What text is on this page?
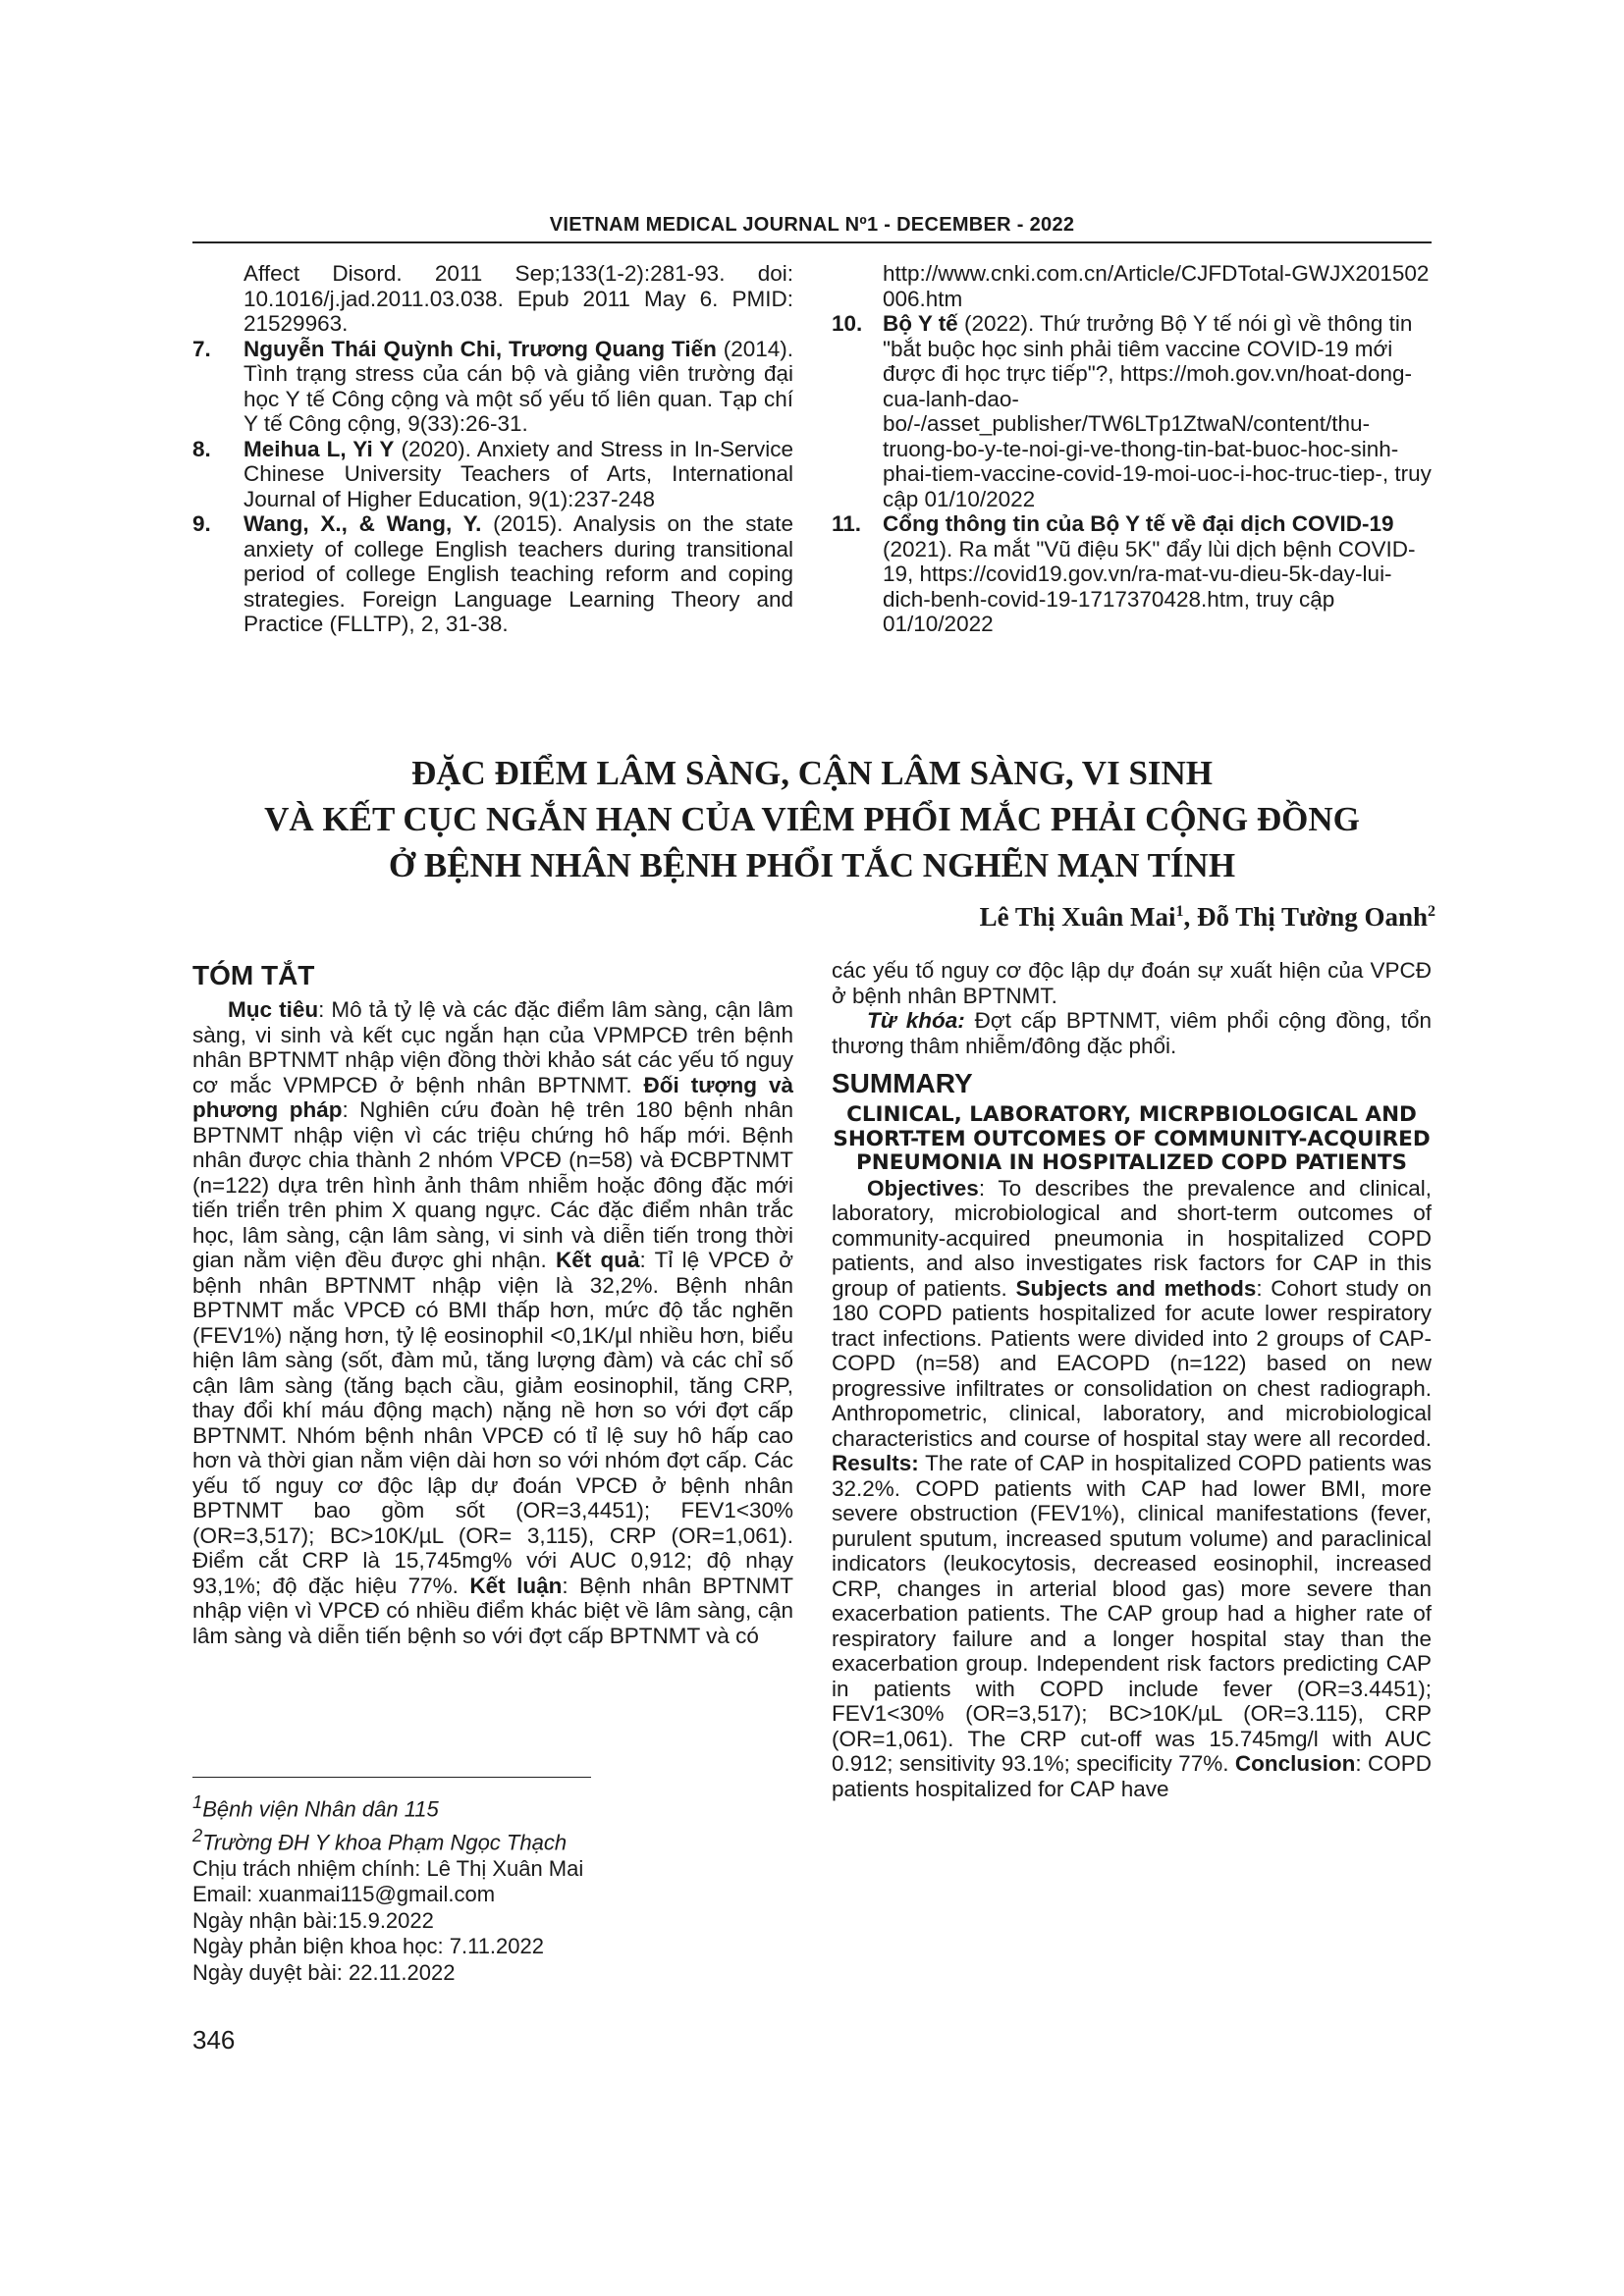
VIETNAM MEDICAL JOURNAL Nº1 - DECEMBER - 2022

Affect Disord. 2011 Sep;133(1-2):281-93. doi: 10.1016/j.jad.2011.03.038. Epub 2011 May 6. PMID: 21529963.

7. Nguyễn Thái Quỳnh Chi, Trương Quang Tiến (2014). Tình trạng stress của cán bộ và giảng viên trường đại học Y tế Công cộng và một số yếu tố liên quan. Tạp chí Y tế Công cộng, 9(33):26-31.

8. Meihua L, Yi Y (2020). Anxiety and Stress in In-Service Chinese University Teachers of Arts, International Journal of Higher Education, 9(1):237-248

9. Wang, X., & Wang, Y. (2015). Analysis on the state anxiety of college English teachers during transitional period of college English teaching reform and coping strategies. Foreign Language Learning Theory and Practice (FLLTP), 2, 31-38.

http://www.cnki.com.cn/Article/CJFDTotal-GWJX201502006.htm

10. Bộ Y tế (2022). Thứ trưởng Bộ Y tế nói gì về thông tin "bắt buộc học sinh phải tiêm vaccine COVID-19 mới được đi học trực tiếp"?, https://moh.gov.vn/hoat-dong-cua-lanh-dao-bo/-/asset_publisher/TW6LTp1ZtwaN/content/thu-truong-bo-y-te-noi-gi-ve-thong-tin-bat-buoc-hoc-sinh-phai-tiem-vaccine-covid-19-moi-uoc-i-hoc-truc-tiep-, truy cập 01/10/2022

11. Cổng thông tin của Bộ Y tế về đại dịch COVID-19 (2021). Ra mắt "Vũ điệu 5K" đẩy lùi dịch bệnh COVID-19, https://covid19.gov.vn/ra-mat-vu-dieu-5k-day-lui-dich-benh-covid-19-1717370428.htm, truy cập 01/10/2022

ĐẶC ĐIỂM LÂM SÀNG, CẬN LÂM SÀNG, VI SINH
VÀ KẾT CỤC NGẮN HẠN CỦA VIÊM PHỔI MẮC PHẢI CỘNG ĐỒNG
Ở BỆNH NHÂN BỆNH PHỔI TẮC NGHẼN MẠN TÍNH
Lê Thị Xuân Mai$^1$, Đỗ Thị Tường Oanh$^2$

TÓM TẮT

Mục tiêu: Mô tả tỷ lệ và các đặc điểm lâm sàng, cận lâm sàng, vi sinh và kết cục ngắn hạn của VPMPCĐ trên bệnh nhân BPTNMT nhập viện đồng thời khảo sát các yếu tố nguy cơ mắc VPMPCĐ ở bệnh nhân BPTNMT. Đối tượng và phương pháp: Nghiên cứu đoàn hệ trên 180 bệnh nhân BPTNMT nhập viện vì các triệu chứng hô hấp mới. Bệnh nhân được chia thành 2 nhóm VPCĐ (n=58) và ĐCBPTNMT (n=122) dựa trên hình ảnh thâm nhiễm hoặc đông đặc mới tiến triển trên phim X quang ngực. Các đặc điểm nhân trắc học, lâm sàng, cận lâm sàng, vi sinh và diễn tiến trong thời gian nằm viện đều được ghi nhận. Kết quả: Tỉ lệ VPCĐ ở bệnh nhân BPTNMT nhập viện là 32,2%. Bệnh nhân BPTNMT mắc VPCĐ có BMI thấp hơn, mức độ tắc nghẽn (FEV1%) nặng hơn, tỷ lệ eosinophil <0,1K/µl nhiều hơn, biểu hiện lâm sàng (sốt, đàm mủ, tăng lượng đàm) và các chỉ số cận lâm sàng (tăng bạch cầu, giảm eosinophil, tăng CRP, thay đổi khí máu động mạch) nặng nề hơn so với đợt cấp BPTNMT. Nhóm bệnh nhân VPCĐ có tỉ lệ suy hô hấp cao hơn và thời gian nằm viện dài hơn so với nhóm đợt cấp. Các yếu tố nguy cơ độc lập dự đoán VPCĐ ở bệnh nhân BPTNMT bao gồm sốt (OR=3,4451); FEV1<30% (OR=3,517); BC>10K/µL (OR= 3,115), CRP (OR=1,061). Điểm cắt CRP là 15,745mg% với AUC 0,912; độ nhạy 93,1%; độ đặc hiệu 77%. Kết luận: Bệnh nhân BPTNMT nhập viện vì VPCĐ có nhiều điểm khác biệt về lâm sàng, cận lâm sàng và diễn tiến bệnh so với đợt cấp BPTNMT và có

$^1$Bệnh viện Nhân dân 115

$^2$Trường ĐH Y khoa Phạm Ngọc Thạch

Chịu trách nhiệm chính: Lê Thị Xuân Mai

Email: xuanmai115@gmail.com

Ngày nhận bài:15.9.2022

Ngày phản biện khoa học: 7.11.2022

Ngày duyệt bài: 22.11.2022

346

các yếu tố nguy cơ độc lập dự đoán sự xuất hiện của VPCĐ ở bệnh nhân BPTNMT.

Từ khóa: Đợt cấp BPTNMT, viêm phổi cộng đồng, tổn thương thâm nhiễm/đông đặc phổi.

SUMMARY

CLINICAL, LABORATORY, MICRPBIOLOGICAL AND SHORT-TEM OUTCOMES OF COMMUNITY-ACQUIRED PNEUMONIA IN HOSPITALIZED COPD PATIENTS

Objectives: To describes the prevalence and clinical, laboratory, microbiological and short-term outcomes of community-acquired pneumonia in hospitalized COPD patients, and also investigates risk factors for CAP in this group of patients. Subjects and methods: Cohort study on 180 COPD patients hospitalized for acute lower respiratory tract infections. Patients were divided into 2 groups of CAP-COPD (n=58) and EACOPD (n=122) based on new progressive infiltrates or consolidation on chest radiograph. Anthropometric, clinical, laboratory, and microbiological characteristics and course of hospital stay were all recorded. Results: The rate of CAP in hospitalized COPD patients was 32.2%. COPD patients with CAP had lower BMI, more severe obstruction (FEV1%), clinical manifestations (fever, purulent sputum, increased sputum volume) and paraclinical indicators (leukocytosis, decreased eosinophil, increased CRP, changes in arterial blood gas) more severe than exacerbation patients. The CAP group had a higher rate of respiratory failure and a longer hospital stay than the exacerbation group. Independent risk factors predicting CAP in patients with COPD include fever (OR=3.4451); FEV1<30% (OR=3,517); BC>10K/µL (OR=3.115), CRP (OR=1,061). The CRP cut-off was 15.745mg/l with AUC 0.912; sensitivity 93.1%; specificity 77%. Conclusion: COPD patients hospitalized for CAP have
